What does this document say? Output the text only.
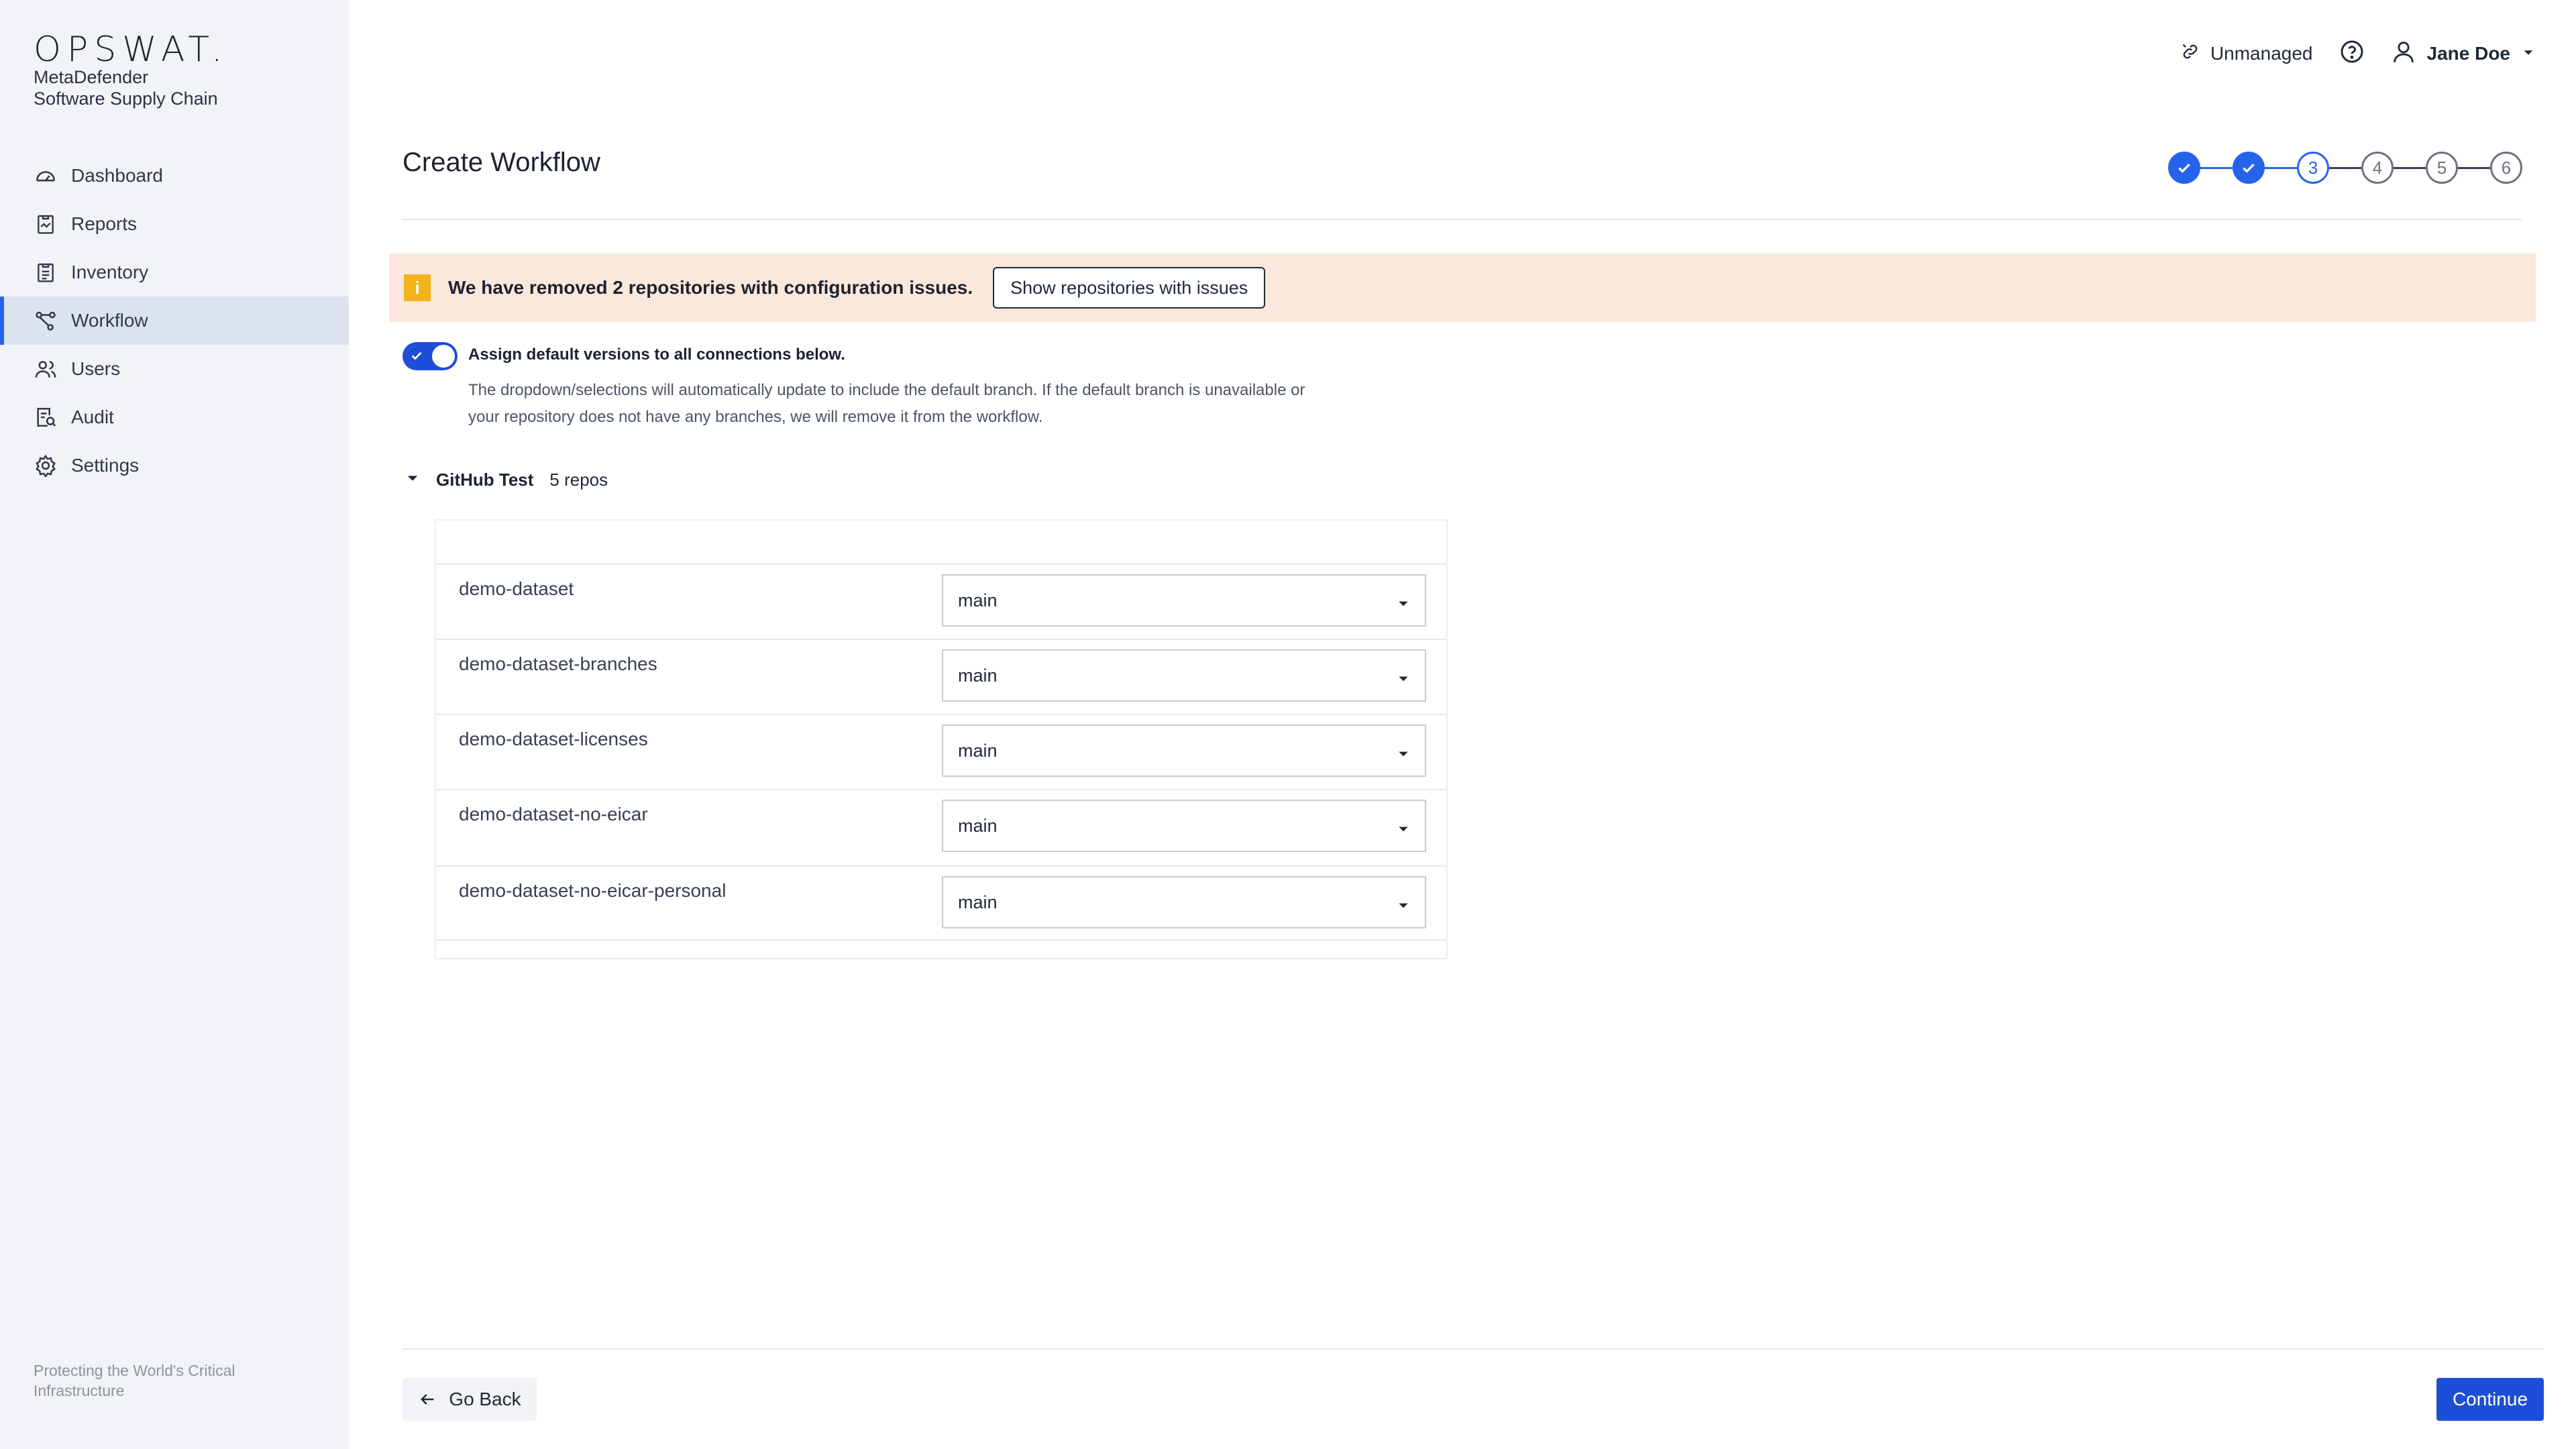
OPSWAT.
MetaDefender
Software Supply Chain
Dashboard
Reports
Inventory
Workflow
Users
Audit
Settings
Protecting the World's Critical Infrastructure
Unmanaged	Jane Doe
Create Workflow	3	4	5	6
i	We have removed 2 repositories with configuration issues.	Show repositories with issues
Assign default versions to all connections below.
The dropdown/selections will automatically update to include the default branch. If the default branch is unavailable or your repository does not have any branches, we will remove it from the workflow.
GitHub Test 5 repos
demo-dataset
main
demo-dataset-branches
main
demo-dataset-licenses
main
demo-dataset-no-eicar
main
demo-dataset-no-eicar-personal
main
Go Back	Continue
